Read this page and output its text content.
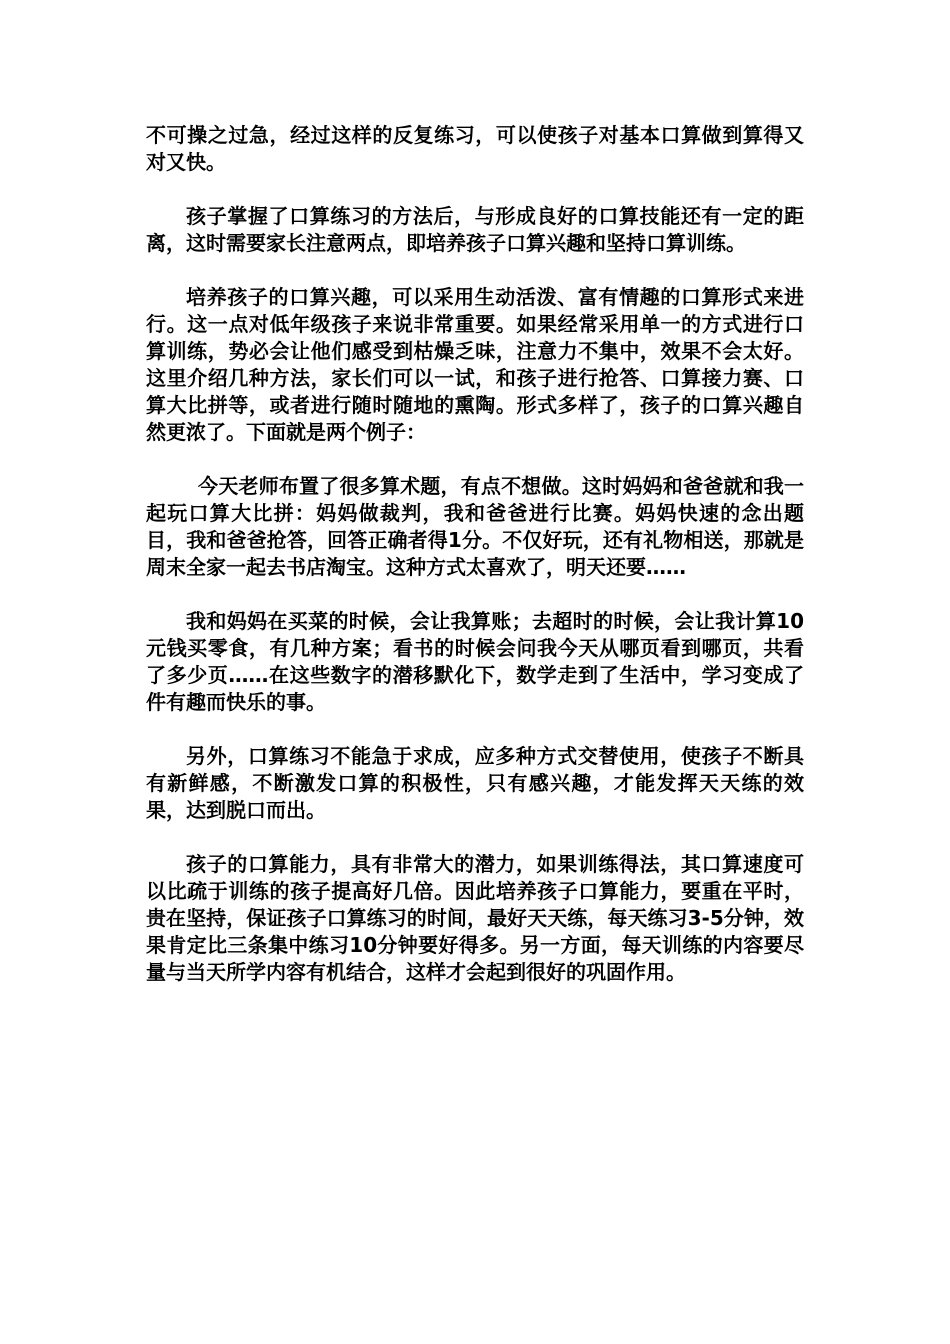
不可操之过急，经过这样的反复练习，可以使孩子对基本口算做到算得又对又快。

孩子掌握了口算练习的方法后，与形成良好的口算技能还有一定的距离，这时需要家长注意两点，即培养孩子口算兴趣和坚持口算训练。

培养孩子的口算兴趣，可以采用生动活泼、富有情趣的口算形式来进行。这一点对低年级孩子来说非常重要。如果经常采用单一的方式进行口算训练，势必会让他们感受到枯燥乏味，注意力不集中，效果不会太好。这里介绍几种方法，家长们可以一试，和孩子进行抢答、口算接力赛、口算大比拼等，或者进行随时随地的熏陶。形式多样了，孩子的口算兴趣自然更浓了。下面就是两个例子：

今天老师布置了很多算术题，有点不想做。这时妈妈和爸爸就和我一起玩口算大比拼：妈妈做裁判，我和爸爸进行比赛。妈妈快速的念出题目，我和爸爸抢答，回答正确者得1分。不仅好玩，还有礼物相送，那就是周末全家一起去书店淘宝。这种方式太喜欢了，明天还要……

我和妈妈在买菜的时候，会让我算账；去超时的时候，会让我计算10元钱买零食，有几种方案；看书的时候会问我今天从哪页看到哪页，共看了多少页……在这些数字的潜移默化下，数学走到了生活中，学习变成了件有趣而快乐的事。

另外，口算练习不能急于求成，应多种方式交替使用，使孩子不断具有新鲜感，不断激发口算的积极性，只有感兴趣，才能发挥天天练的效果，达到脱口而出。

孩子的口算能力，具有非常大的潜力，如果训练得法，其口算速度可以比疏于训练的孩子提高好几倍。因此培养孩子口算能力，要重在平时，贵在坚持，保证孩子口算练习的时间，最好天天练，每天练习3-5分钟，效果肯定比三条集中练习10分钟要好得多。另一方面，每天训练的内容要尽量与当天所学内容有机结合，这样才会起到很好的巩固作用。
